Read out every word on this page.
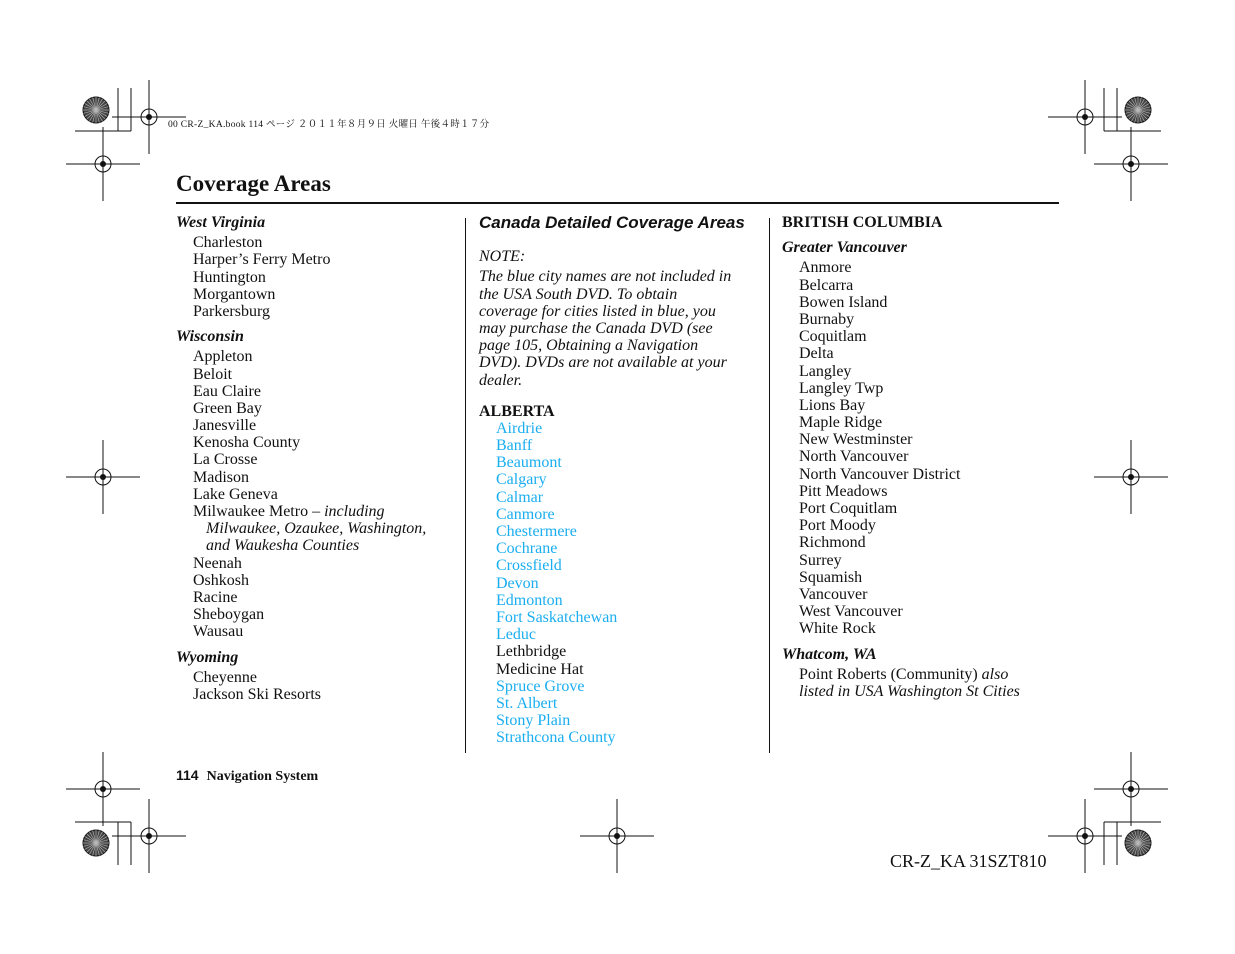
00 CR-Z_KA.book 114 ページ ２０１１年８月９日 火曜日 午後４時１７分
Coverage Areas
West Virginia
Charleston
Harper’s Ferry Metro
Huntington
Morgantown
Parkersburg
Wisconsin
Appleton
Beloit
Eau Claire
Green Bay
Janesville
Kenosha County
La Crosse
Madison
Lake Geneva
Milwaukee Metro – including
Milwaukee, Ozaukee, Washington,
and Waukesha Counties
Neenah
Oshkosh
Racine
Sheboygan
Wausau
Wyoming
Cheyenne
Jackson Ski Resorts
Canada Detailed Coverage Areas
NOTE:
The blue city names are not included in
the USA South DVD. To obtain
coverage for cities listed in blue, you
may purchase the Canada DVD (see
page 105, Obtaining a Navigation
DVD). DVDs are not available at your
dealer.
ALBERTA
Airdrie
Banff
Beaumont
Calgary
Calmar
Canmore
Chestermere
Cochrane
Crossfield
Devon
Edmonton
Fort Saskatchewan
Leduc
Lethbridge
Medicine Hat
Spruce Grove
St. Albert
Stony Plain
Strathcona County
BRITISH COLUMBIA
Greater Vancouver
Anmore
Belcarra
Bowen Island
Burnaby
Coquitlam
Delta
Langley
Langley Twp
Lions Bay
Maple Ridge
New Westminster
North Vancouver
North Vancouver District
Pitt Meadows
Port Coquitlam
Port Moody
Richmond
Surrey
Squamish
Vancouver
West Vancouver
White Rock
Whatcom, WA
Point Roberts (Community) also
listed in USA Washington St Cities
114 Navigation System
CR-Z_KA 31SZT810
